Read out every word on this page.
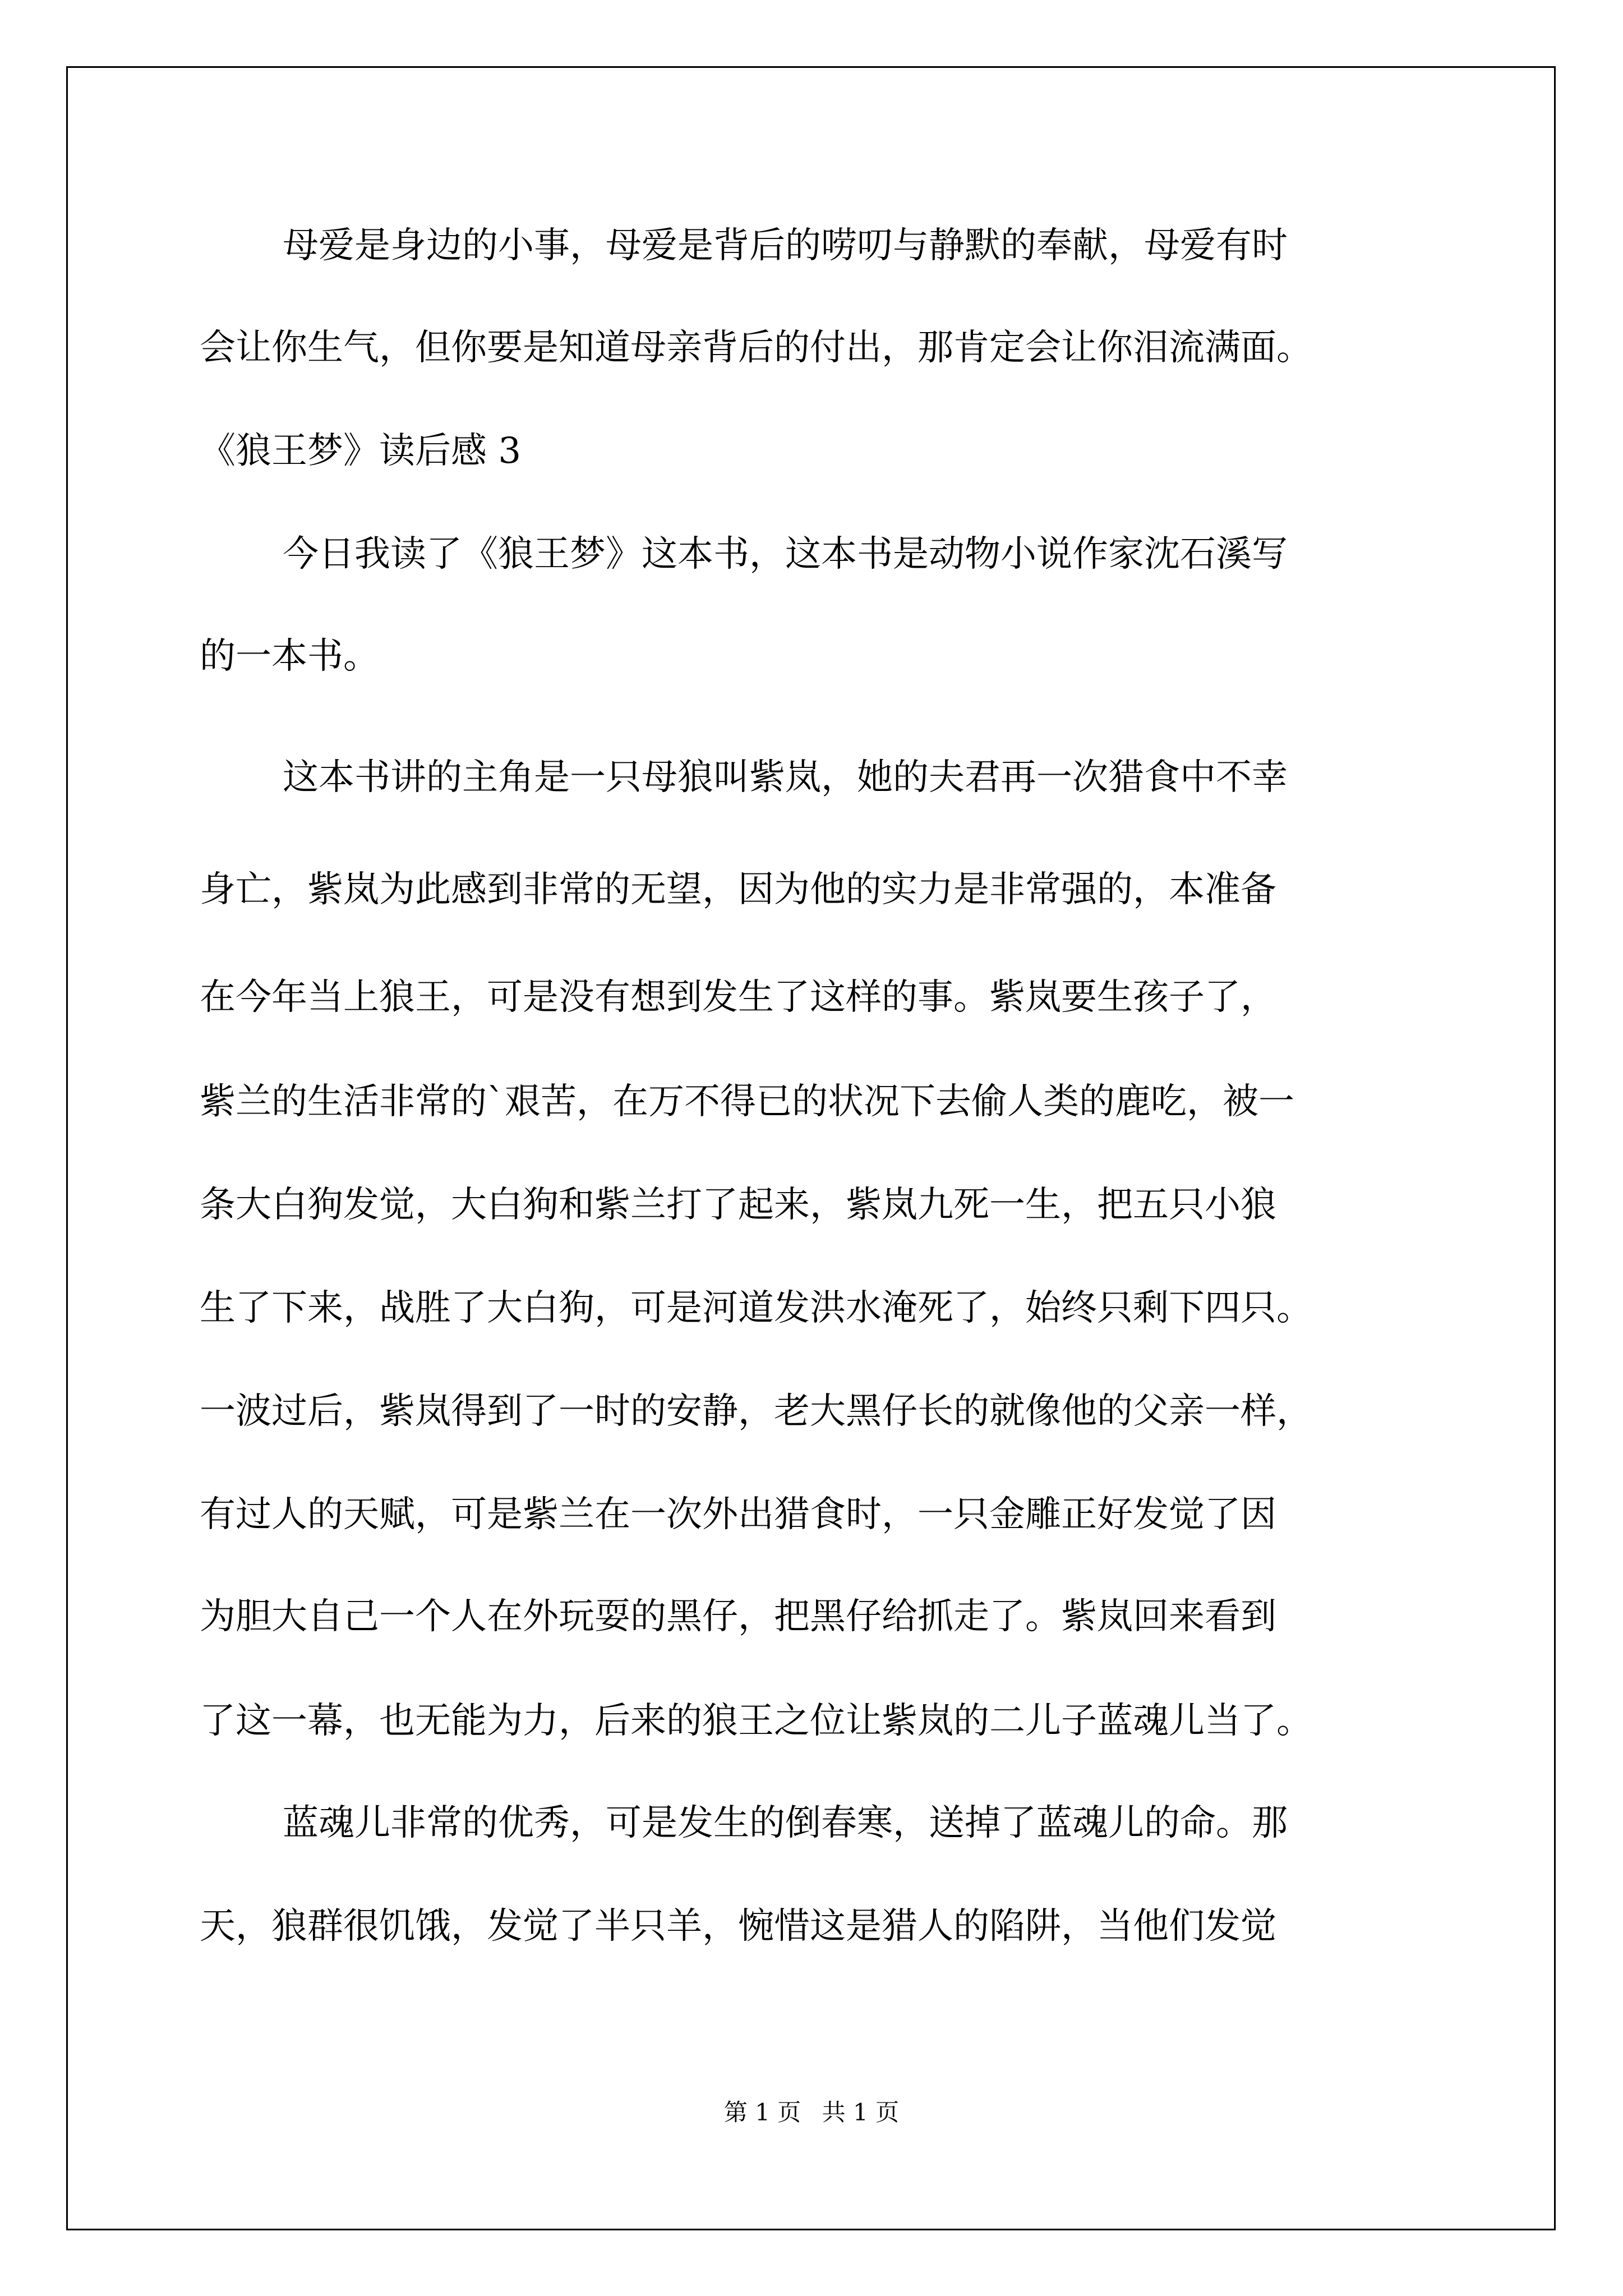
母爱是身边的小事，母爱是背后的唠叨与静默的奉献，母爱有时
会让你生气，但你要是知道母亲背后的付出，那肯定会让你泪流满面。
《狼王梦》读后感 3
今日我读了《狼王梦》这本书，这本书是动物小说作家沈石溪写
的一本书。
这本书讲的主角是一只母狼叫紫岚，她的夫君再一次猎食中不幸
身亡，紫岚为此感到非常的无望，因为他的实力是非常强的，本准备
在今年当上狼王，可是没有想到发生了这样的事。紫岚要生孩子了，
紫兰的生活非常的`艰苦，在万不得已的状况下去偷人类的鹿吃，被一
条大白狗发觉，大白狗和紫兰打了起来，紫岚九死一生，把五只小狼
生了下来，战胜了大白狗，可是河道发洪水淹死了，始终只剩下四只。
一波过后，紫岚得到了一时的安静，老大黑仔长的就像他的父亲一样，
有过人的天赋，可是紫兰在一次外出猎食时，一只金雕正好发觉了因
为胆大自己一个人在外玩耍的黑仔，把黑仔给抓走了。紫岚回来看到
了这一幕，也无能为力，后来的狼王之位让紫岚的二儿子蓝魂儿当了。
蓝魂儿非常的优秀，可是发生的倒春寒，送掉了蓝魂儿的命。那
天，狼群很饥饿，发觉了半只羊，惋惜这是猎人的陷阱，当他们发觉
第 1 页 共 1 页
